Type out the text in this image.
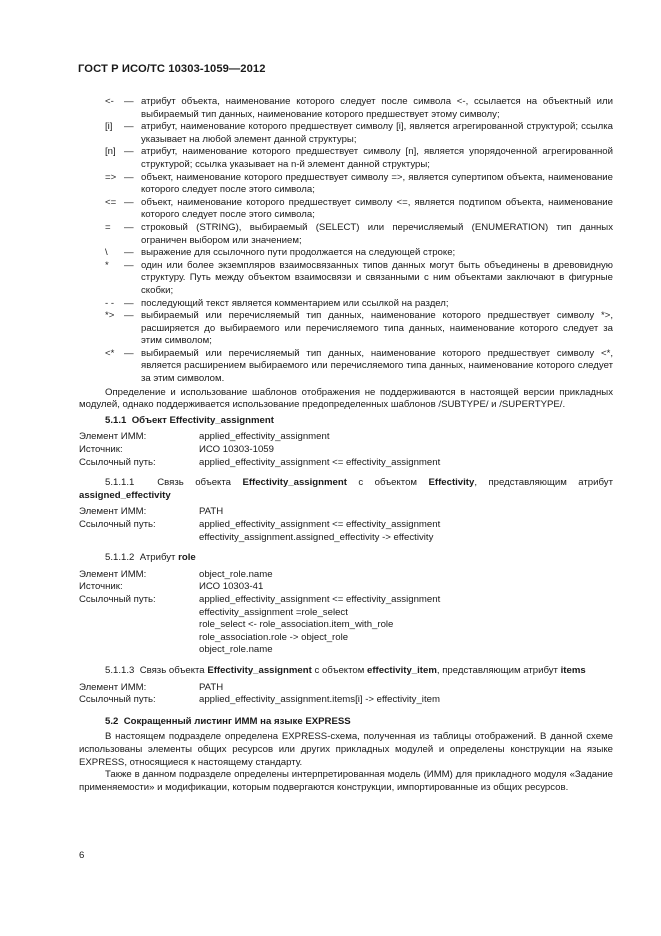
ГОСТ Р ИСО/ТС 10303-1059—2012
<- — атрибут объекта, наименование которого следует после символа <-, ссылается на объектный или выбираемый тип данных, наименование которого предшествует этому символу;
[i] — атрибут, наименование которого предшествует символу [i], является агрегированной структурой; ссылка указывает на любой элемент данной структуры;
[n] — атрибут, наименование которого предшествует символу [n], является упорядоченной агрегированной структурой; ссылка указывает на n-й элемент данной структуры;
=> — объект, наименование которого предшествует символу =>, является супертипом объекта, наименование которого следует после этого символа;
<= — объект, наименование которого предшествует символу <=, является подтипом объекта, наименование которого следует после этого символа;
= — строковый (STRING), выбираемый (SELECT) или перечисляемый (ENUMERATION) тип данных ограничен выбором или значением;
\ — выражение для ссылочного пути продолжается на следующей строке;
* — один или более экземпляров взаимосвязанных типов данных могут быть объединены в древовидную структуру. Путь между объектом взаимосвязи и связанными с ним объектами заключают в фигурные скобки;
- - — последующий текст является комментарием или ссылкой на раздел;
*> — выбираемый или перечисляемый тип данных, наименование которого предшествует символу *>, расширяется до выбираемого или перечисляемого типа данных, наименование которого следует за этим символом;
<* — выбираемый или перечисляемый тип данных, наименование которого предшествует символу <*, является расширением выбираемого или перечисляемого типа данных, наименование которого следует за этим символом.
Определение и использование шаблонов отображения не поддерживаются в настоящей версии прикладных модулей, однако поддерживается использование предопределенных шаблонов /SUBTYPE/ и /SUPERTYPE/.
5.1.1 Объект Effectivity_assignment
Элемент ИММ:	applied_effectivity_assignment
Источник:	ИСО 10303-1059
Ссылочный путь:	applied_effectivity_assignment <= effectivity_assignment
5.1.1.1 Связь объекта Effectivity_assignment с объектом Effectivity, представляющим атрибут assigned_effectivity
Элемент ИММ:	PATH
Ссылочный путь:	applied_effectivity_assignment <= effectivity_assignment
effectivity_assignment.assigned_effectivity -> effectivity
5.1.1.2 Атрибут role
Элемент ИММ:	object_role.name
Источник:	ИСО 10303-41
Ссылочный путь:	applied_effectivity_assignment <= effectivity_assignment
effectivity_assignment =role_select
role_select <- role_association.item_with_role
role_association.role -> object_role
object_role.name
5.1.1.3 Связь объекта Effectivity_assignment с объектом effectivity_item, представляющим атрибут items
Элемент ИММ:	PATH
Ссылочный путь:	applied_effectivity_assignment.items[i] -> effectivity_item
5.2 Сокращенный листинг ИММ на языке EXPRESS
В настоящем подразделе определена EXPRESS-схема, полученная из таблицы отображений. В данной схеме использованы элементы общих ресурсов или других прикладных модулей и определены конструкции на языке EXPRESS, относящиеся к настоящему стандарту.
Также в данном подразделе определены интерпретированная модель (ИММ) для прикладного модуля «Задание применяемости» и модификации, которым подвергаются конструкции, импортированные из общих ресурсов.
6
